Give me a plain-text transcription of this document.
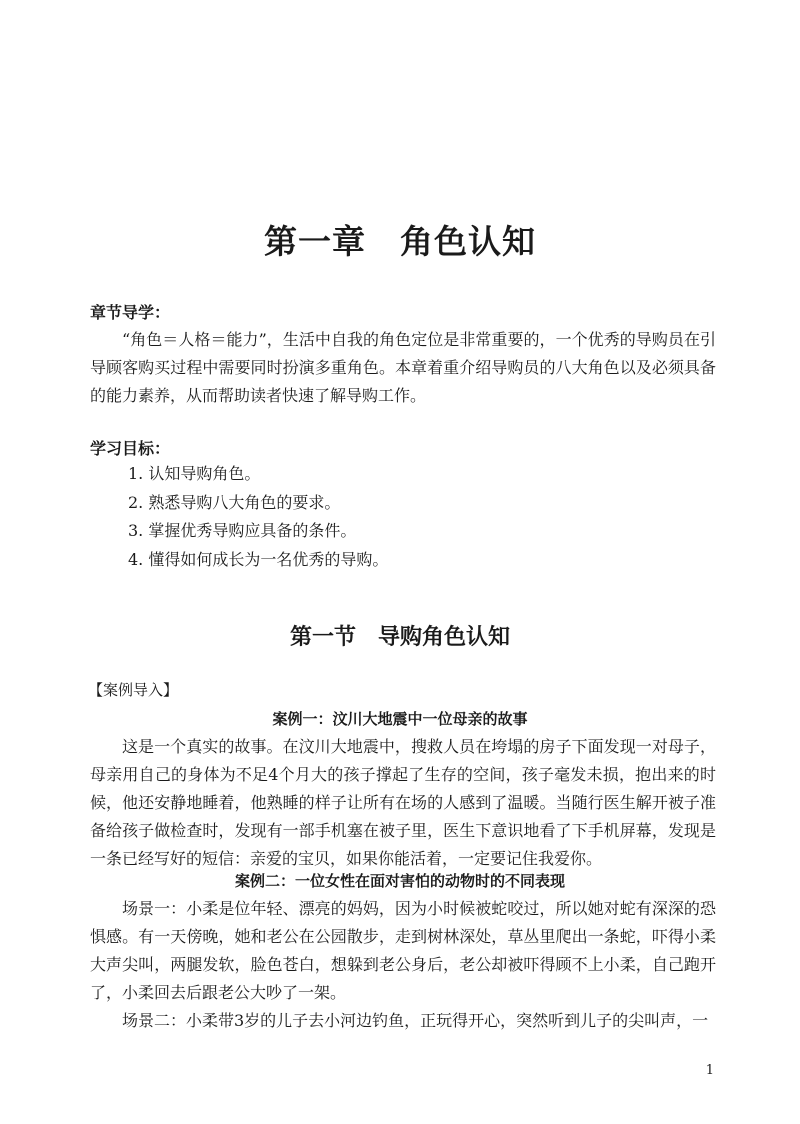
第一章 角色认知

章节导学：

“角色＝人格＝能力”，生活中自我的角色定位是非常重要的，一个优秀的导购员在引导顾客购买过程中需要同时扮演多重角色。本章着重介绍导购员的八大角色以及必须具备的能力素养，从而帮助读者快速了解导购工作。

学习目标：

1. 认知导购角色。
2. 熟悉导购八大角色的要求。
3. 掌握优秀导购应具备的条件。
4. 懂得如何成长为一名优秀的导购。
第一节 导购角色认知

【案例导入】

案例一：汶川大地震中一位母亲的故事

这是一个真实的故事。在汶川大地震中，搜救人员在垮塌的房子下面发现一对母子，母亲用自己的身体为不足4个月大的孩子撑起了生存的空间，孩子毫发未损，抱出来的时候，他还安静地睡着，他熟睡的样子让所有在场的人感到了温暖。当随行医生解开被子准备给孩子做检查时，发现有一部手机塞在被子里，医生下意识地看了下手机屏幕，发现是一条已经写好的短信：亲爱的宝贝，如果你能活着，一定要记住我爱你。

案例二：一位女性在面对害怕的动物时的不同表现

场景一：小柔是位年轻、漂亮的妈妈，因为小时候被蛇咬过，所以她对蛇有深深的恐惧感。有一天傍晚，她和老公在公园散步，走到树林深处，草丛里爬出一条蛇，吓得小柔大声尖叫，两腿发软，脸色苍白，想躲到老公身后，老公却被吓得顾不上小柔，自己跑开了，小柔回去后跟老公大吵了一架。

场景二：小柔带3岁的儿子去小河边钓鱼，正玩得开心，突然听到儿子的尖叫声，一

1
